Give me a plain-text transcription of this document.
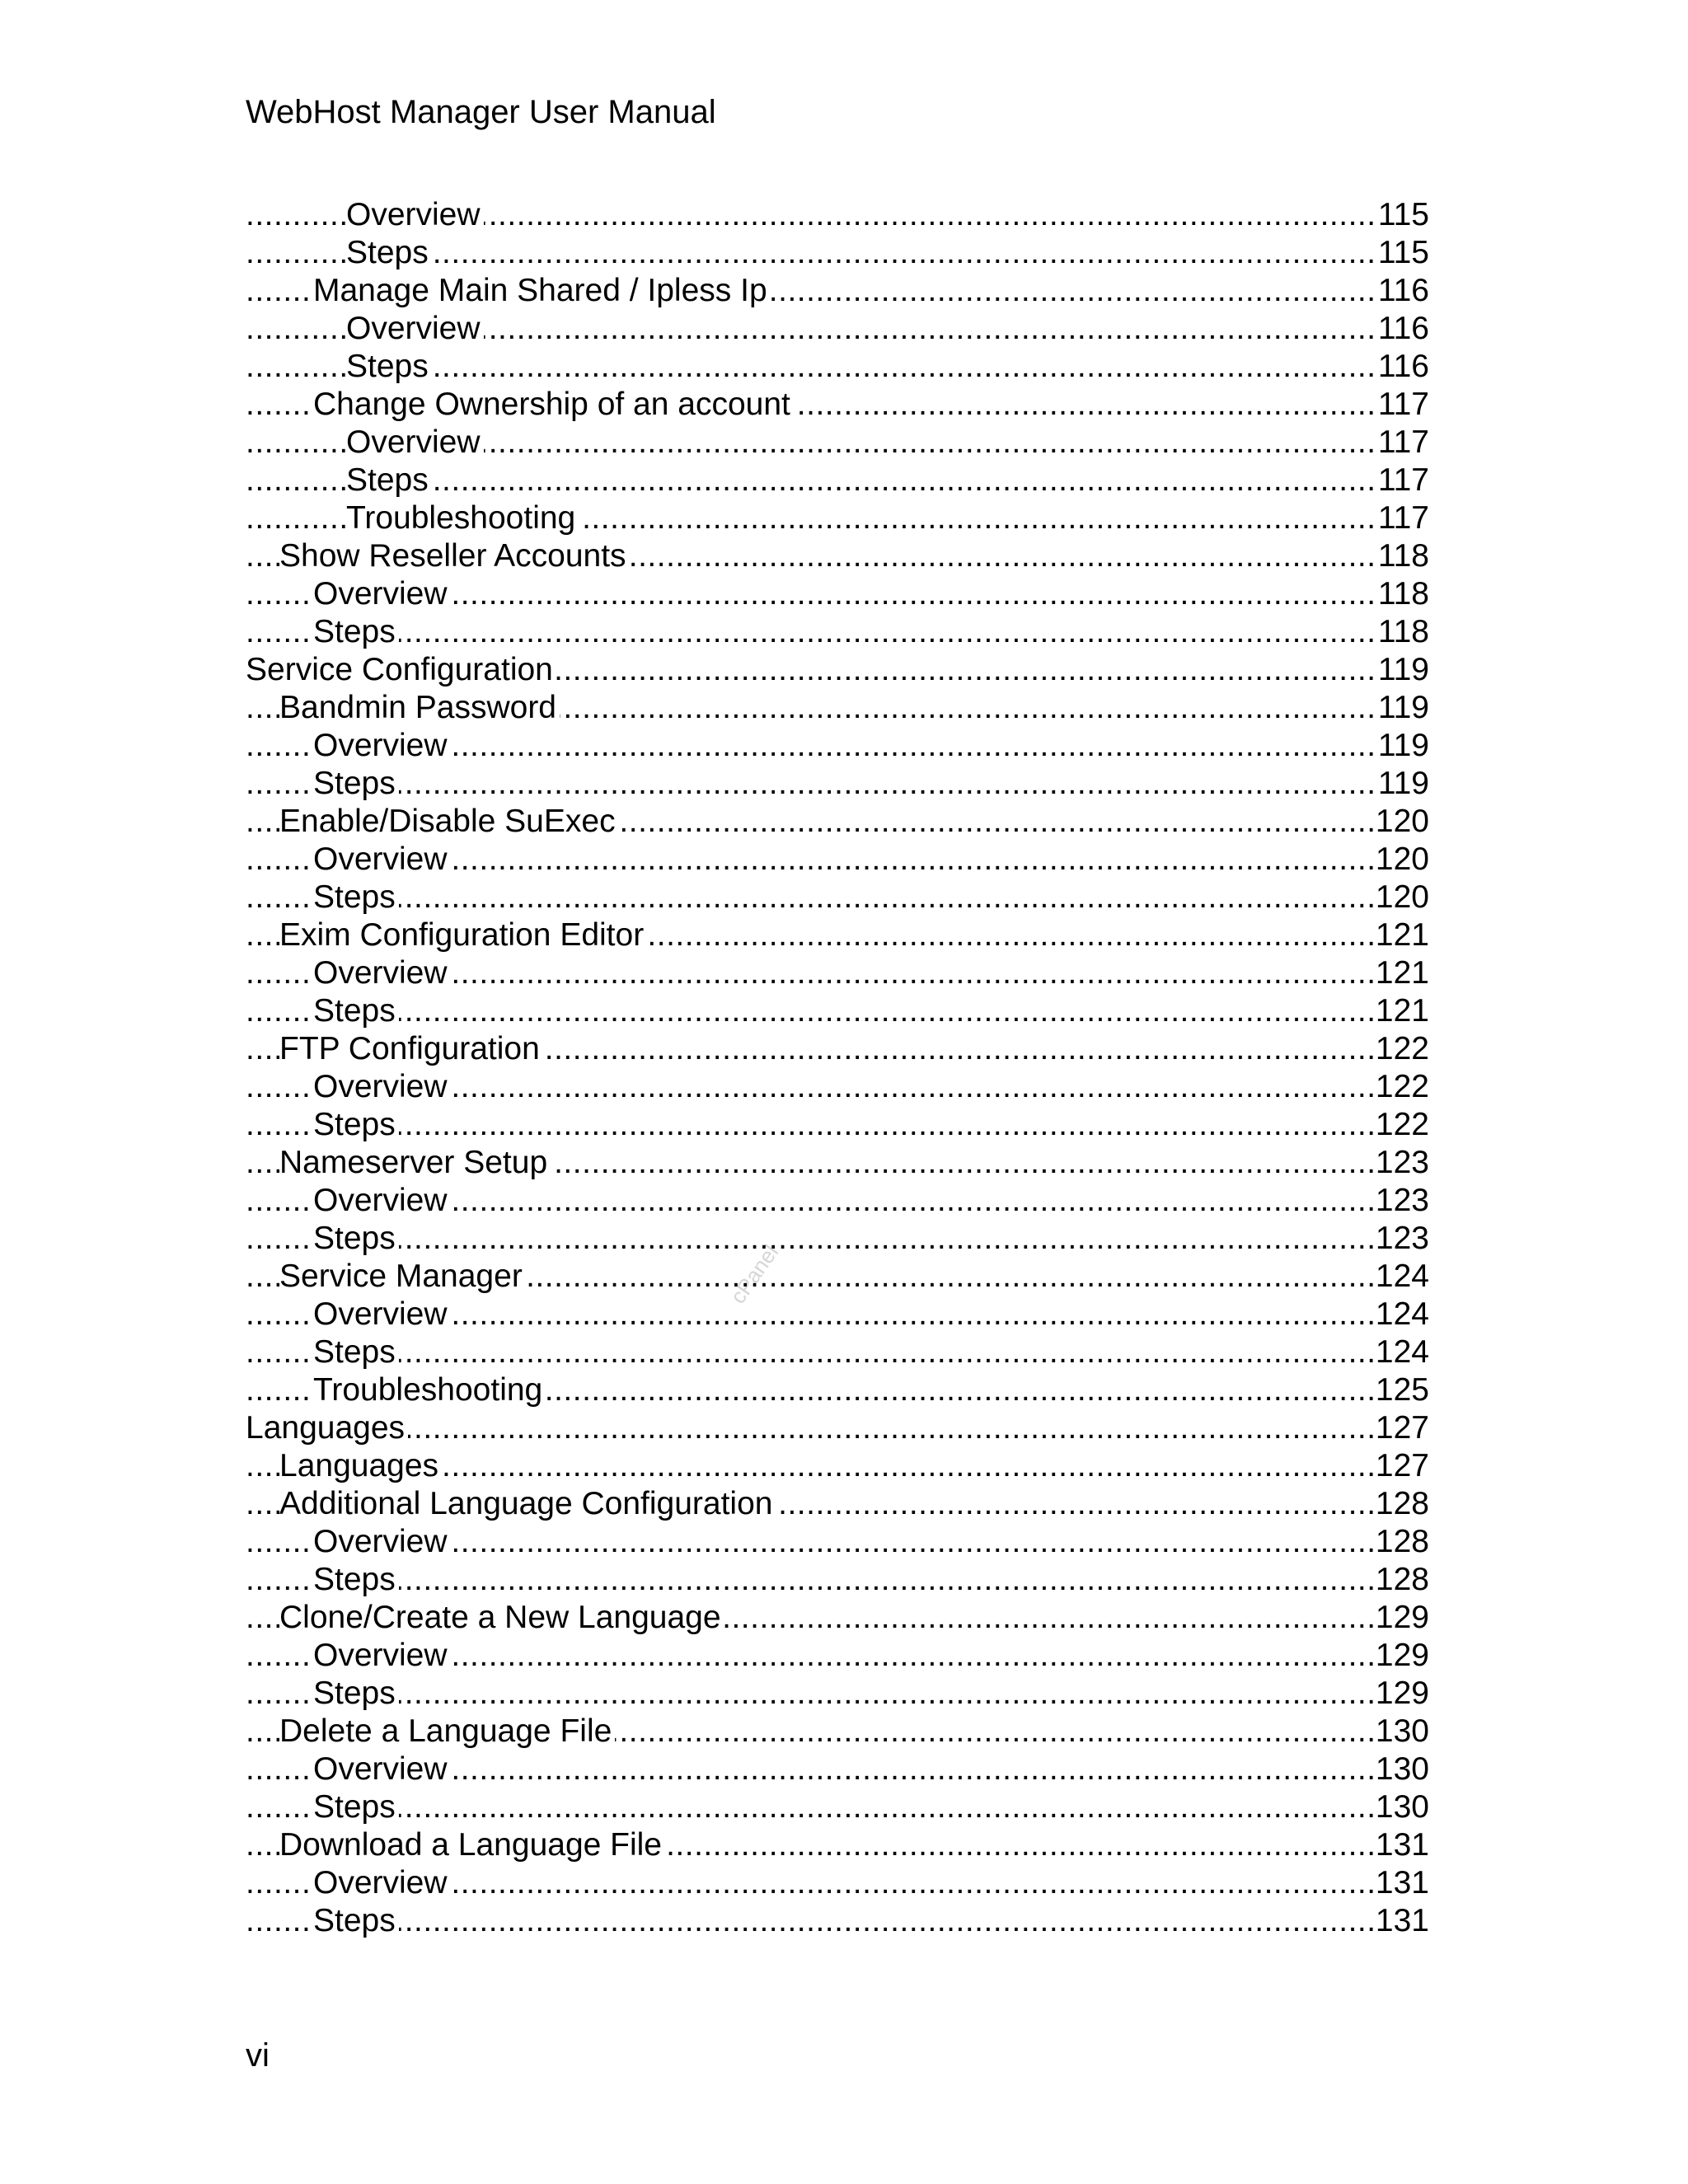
WebHost Manager User Manual
.....
Overview	115
.....
Steps	115
.....
Manage Main Shared / Ipless Ip	116
.....
Overview	116
.....
Steps	116
.....
Change Ownership of an account	117
.....
Overview	117
.....
Steps	117
.....
Troubleshooting	117
.....
Show Reseller Accounts	118
.....
Overview	118
.....
Steps	118
.....
Service Configuration	119
.....
Bandmin Password	119
.....
Overview	119
.....
Steps	119
.....
Enable/Disable SuExec	120
.....
Overview	120
.....
Steps	120
.....
Exim Configuration Editor	121
.....
Overview	121
.....
Steps	121
.....
FTP Configuration	122
.....
Overview	122
.....
Steps	122
.....
Nameserver Setup	123
.....
Overview	123
.....
Steps	123
.....
Service Manager	124
.....
Overview	124
.....
Steps	124
.....
Troubleshooting	125
.....
Languages	127
.....
Languages	127
.....
Additional Language Configuration	128
.....
Overview	128
.....
Steps	128
.....
Clone/Create a New Language	129
.....
Overview	129
.....
Steps	129
.....
Delete a Language File	130
.....
Overview	130
.....
Steps	130
.....
Download a Language File	131
.....
Overview	131
.....
Steps	131
cPanel
vi
